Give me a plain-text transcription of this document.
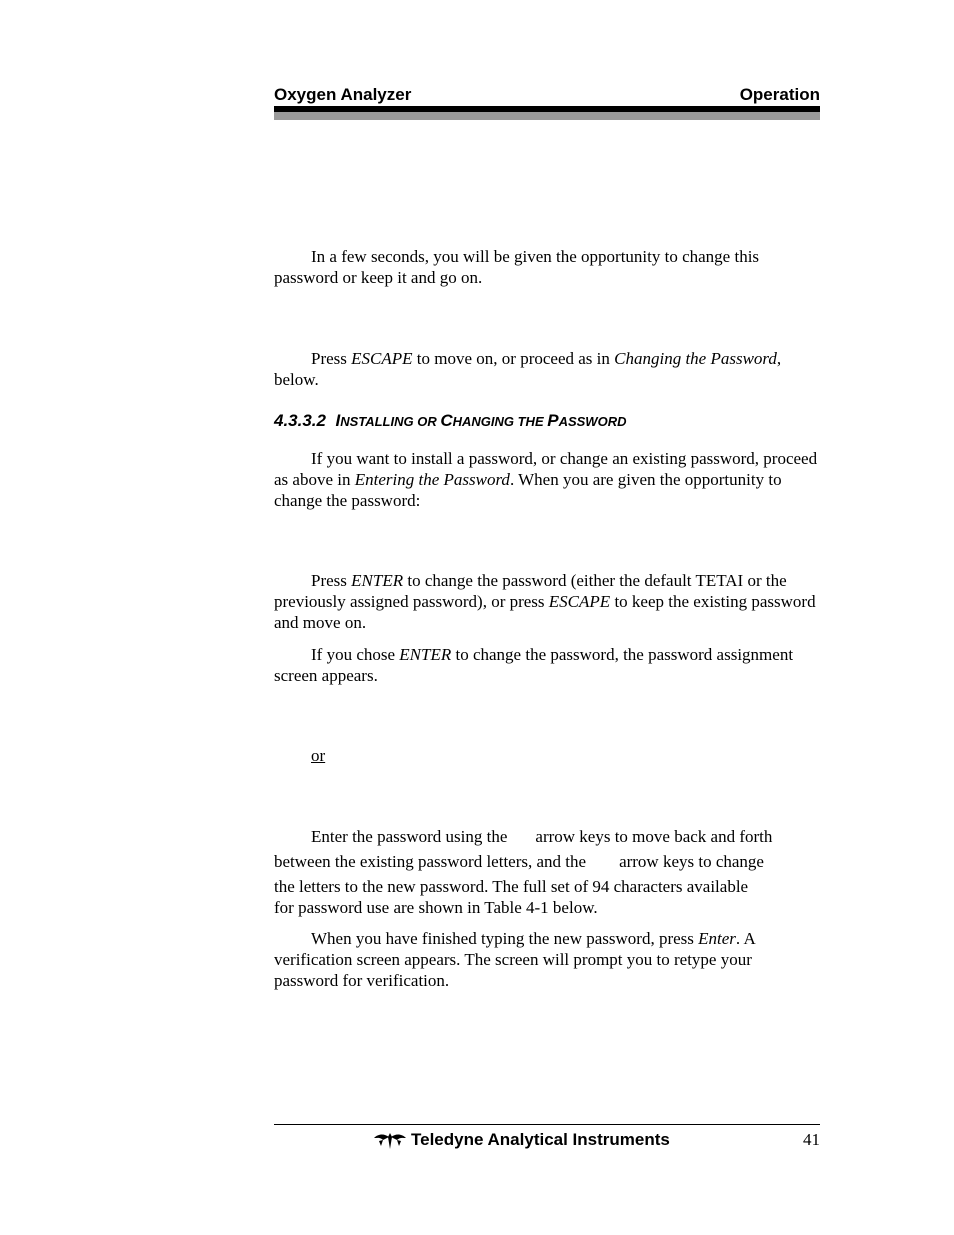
Oxygen Analyzer	Operation

In a few seconds, you will be given the opportunity to change this password or keep it and go on.

Press ESCAPE to move on, or proceed as in Changing the Password, below.

4.3.3.2 INSTALLING OR CHANGING THE PASSWORD

If you want to install a password, or change an existing password, proceed as above in Entering the Password. When you are given the opportunity to change the password:

Press ENTER to change the password (either the default TETAI or the previously assigned password), or press ESCAPE to keep the existing password and move on.

If you chose ENTER to change the password, the password assignment screen appears.

or
Enter the password using the arrow keys to move back and forth
between the existing password letters, and the arrow keys to change
the letters to the new password. The full set of 94 characters available
for password use are shown in Table 4-1 below.

When you have finished typing the new password, press Enter. A verification screen appears. The screen will prompt you to retype your password for verification.

Teledyne Analytical Instruments	41
